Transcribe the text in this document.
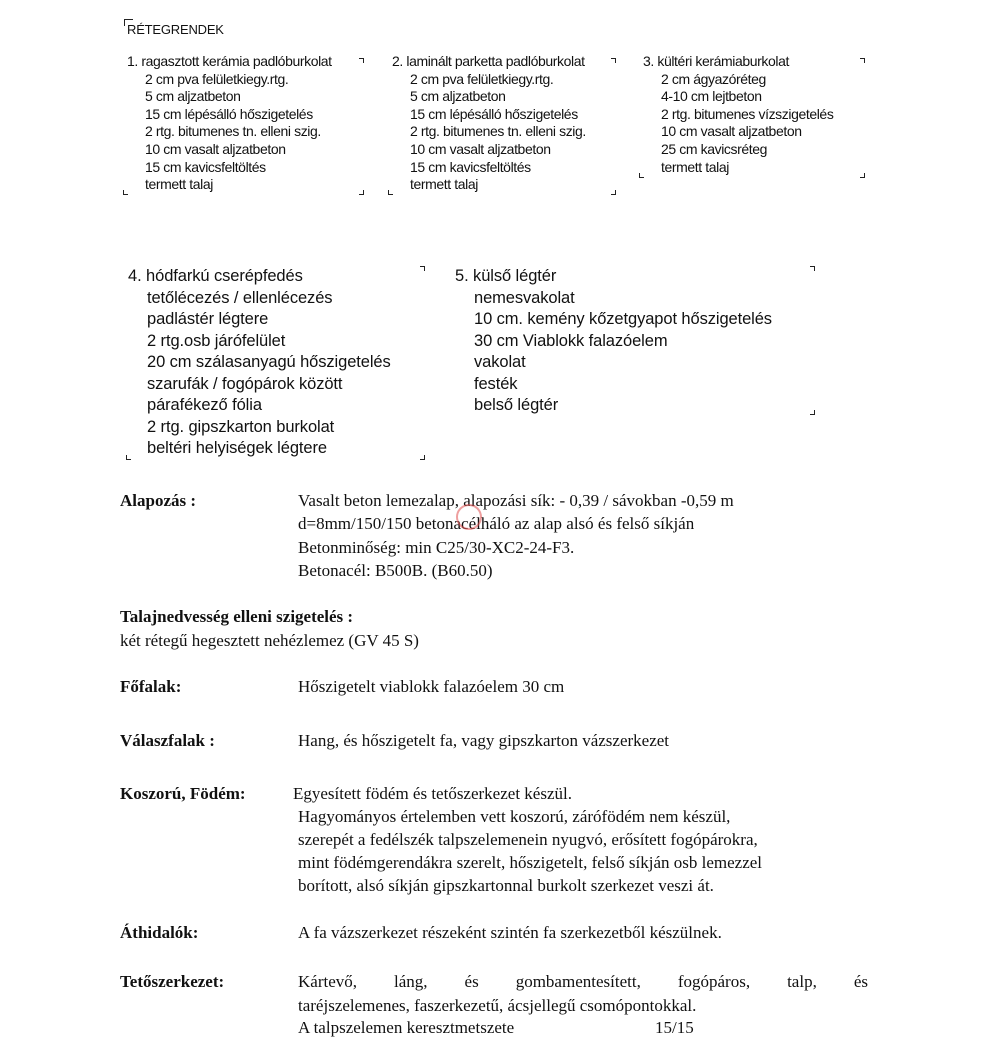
RÉTEGRENDEK
1. ragasztott kerámia padlóburkolat
2 cm pva felületkiegy.rtg.
5 cm aljzatbeton
15 cm lépésálló hőszigetelés
2 rtg. bitumenes tn. elleni szig.
10 cm vasalt aljzatbeton
15 cm kavicsfeltöltés
termett talaj
2. laminált parketta padlóburkolat
2 cm pva felületkiegy.rtg.
5 cm aljzatbeton
15 cm lépésálló hőszigetelés
2 rtg. bitumenes tn. elleni szig.
10 cm vasalt aljzatbeton
15 cm kavicsfeltöltés
termett talaj
3. kültéri kerámiaburkolat
2 cm ágyazóréteg
4-10 cm lejtbeton
2 rtg. bitumenes vízszigetelés
10 cm vasalt aljzatbeton
25 cm kavicsréteg
termett talaj
4. hódfarkú cserépfedés
tetőlécezés / ellenlécezés
padlástér légtere
2 rtg.osb járófelület
20 cm szálasanyagú hőszigetelés
szarufák / fogópárok között
párafékező fólia
2 rtg. gipszkarton burkolat
beltéri helyiségek légtere
5. külső légtér
nemesvakolat
10 cm. kemény kőzetgyapot hőszigetelés
30 cm Viablokk falazóelem
vakolat
festék
belső légtér
Alapozás :	Vasalt beton lemezalap, alapozási sík: - 0,39 / sávokban -0,59 m
d=8mm/150/150 betonacélháló az alap alsó és felső síkján
Betonminőség: min C25/30-XC2-24-F3.
Betonacél: B500B. (B60.50)
Talajnedvesség elleni szigetelés :
két rétegű hegesztett nehézlemez (GV 45 S)
Főfalak:	Hőszigetelt viablokk falazóelem 30 cm
Válaszfalak :	Hang, és hőszigetelt fa, vagy gipszkarton vázszerkezet
Koszorú, Födém:	Egyesített födém és tetőszerkezet készül.
Hagyományos értelemben vett koszorú, zárófödém nem készül,
szerepét a fedélszék talpszelemenein nyugvó, erősített fogópárokra,
mint födémgerendákra szerelt, hőszigetelt, felső síkján osb lemezzel
borított, alsó síkján gipszkartonnal burkolt szerkezet veszi át.
Áthidalók:	A fa vázszerkezet részeként szintén fa szerkezetből készülnek.
Tetőszerkezet:	Kártevő, láng, és gombamentesített, fogópáros, talp, és
taréjszelemenes, faszerkezetű, ácsjellegű csomópontokkal.
A talpszelemen keresztmetszete	15/15
